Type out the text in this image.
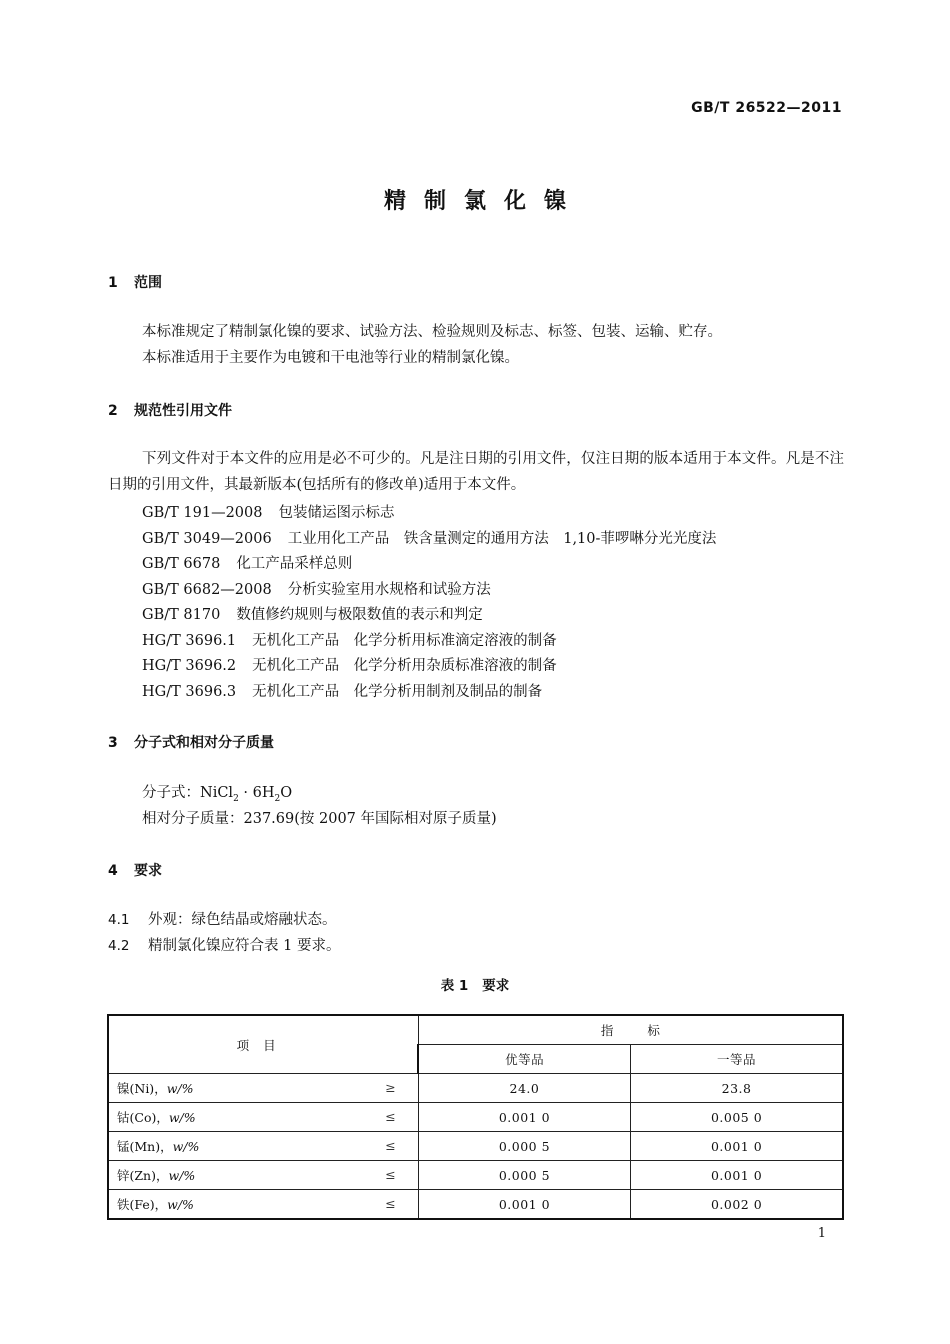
GB/T 26522—2011
精制氯化镍
1 范围
本标准规定了精制氯化镍的要求、试验方法、检验规则及标志、标签、包装、运输、贮存。
本标准适用于主要作为电镀和干电池等行业的精制氯化镍。
2 规范性引用文件
下列文件对于本文件的应用是必不可少的。凡是注日期的引用文件，仅注日期的版本适用于本文件。凡是不注日期的引用文件，其最新版本(包括所有的修改单)适用于本文件。
GB/T 191—2008 包装储运图示标志
GB/T 3049—2006 工业用化工产品　铁含量测定的通用方法　1,10-菲啰啉分光光度法
GB/T 6678 化工产品采样总则
GB/T 6682—2008 分析实验室用水规格和试验方法
GB/T 8170 数值修约规则与极限数值的表示和判定
HG/T 3696.1 无机化工产品　化学分析用标准滴定溶液的制备
HG/T 3696.2 无机化工产品　化学分析用杂质标准溶液的制备
HG/T 3696.3 无机化工产品　化学分析用制剂及制品的制备
3 分子式和相对分子质量
分子式：NiCl$_2$ · $6H_2O$
相对分子质量：237.69(按 2007 年国际相对原子质量)
4 要求
4.1 外观：绿色结晶或熔融状态。
4.2 精制氯化镍应符合表 1 要求。
表 1 要求
项目	指标	
	优等品	一等品
镍(Ni)，w/% ≥	24.0	23.8
钴(Co)，w/% ≤	0.001 0	0.005 0
锰(Mn)，w/% ≤	0.000 5	0.001 0
锌(Zn)，w/% ≤	0.000 5	0.001 0
铁(Fe)，w/% ≤	0.001 0	0.002 0
1
